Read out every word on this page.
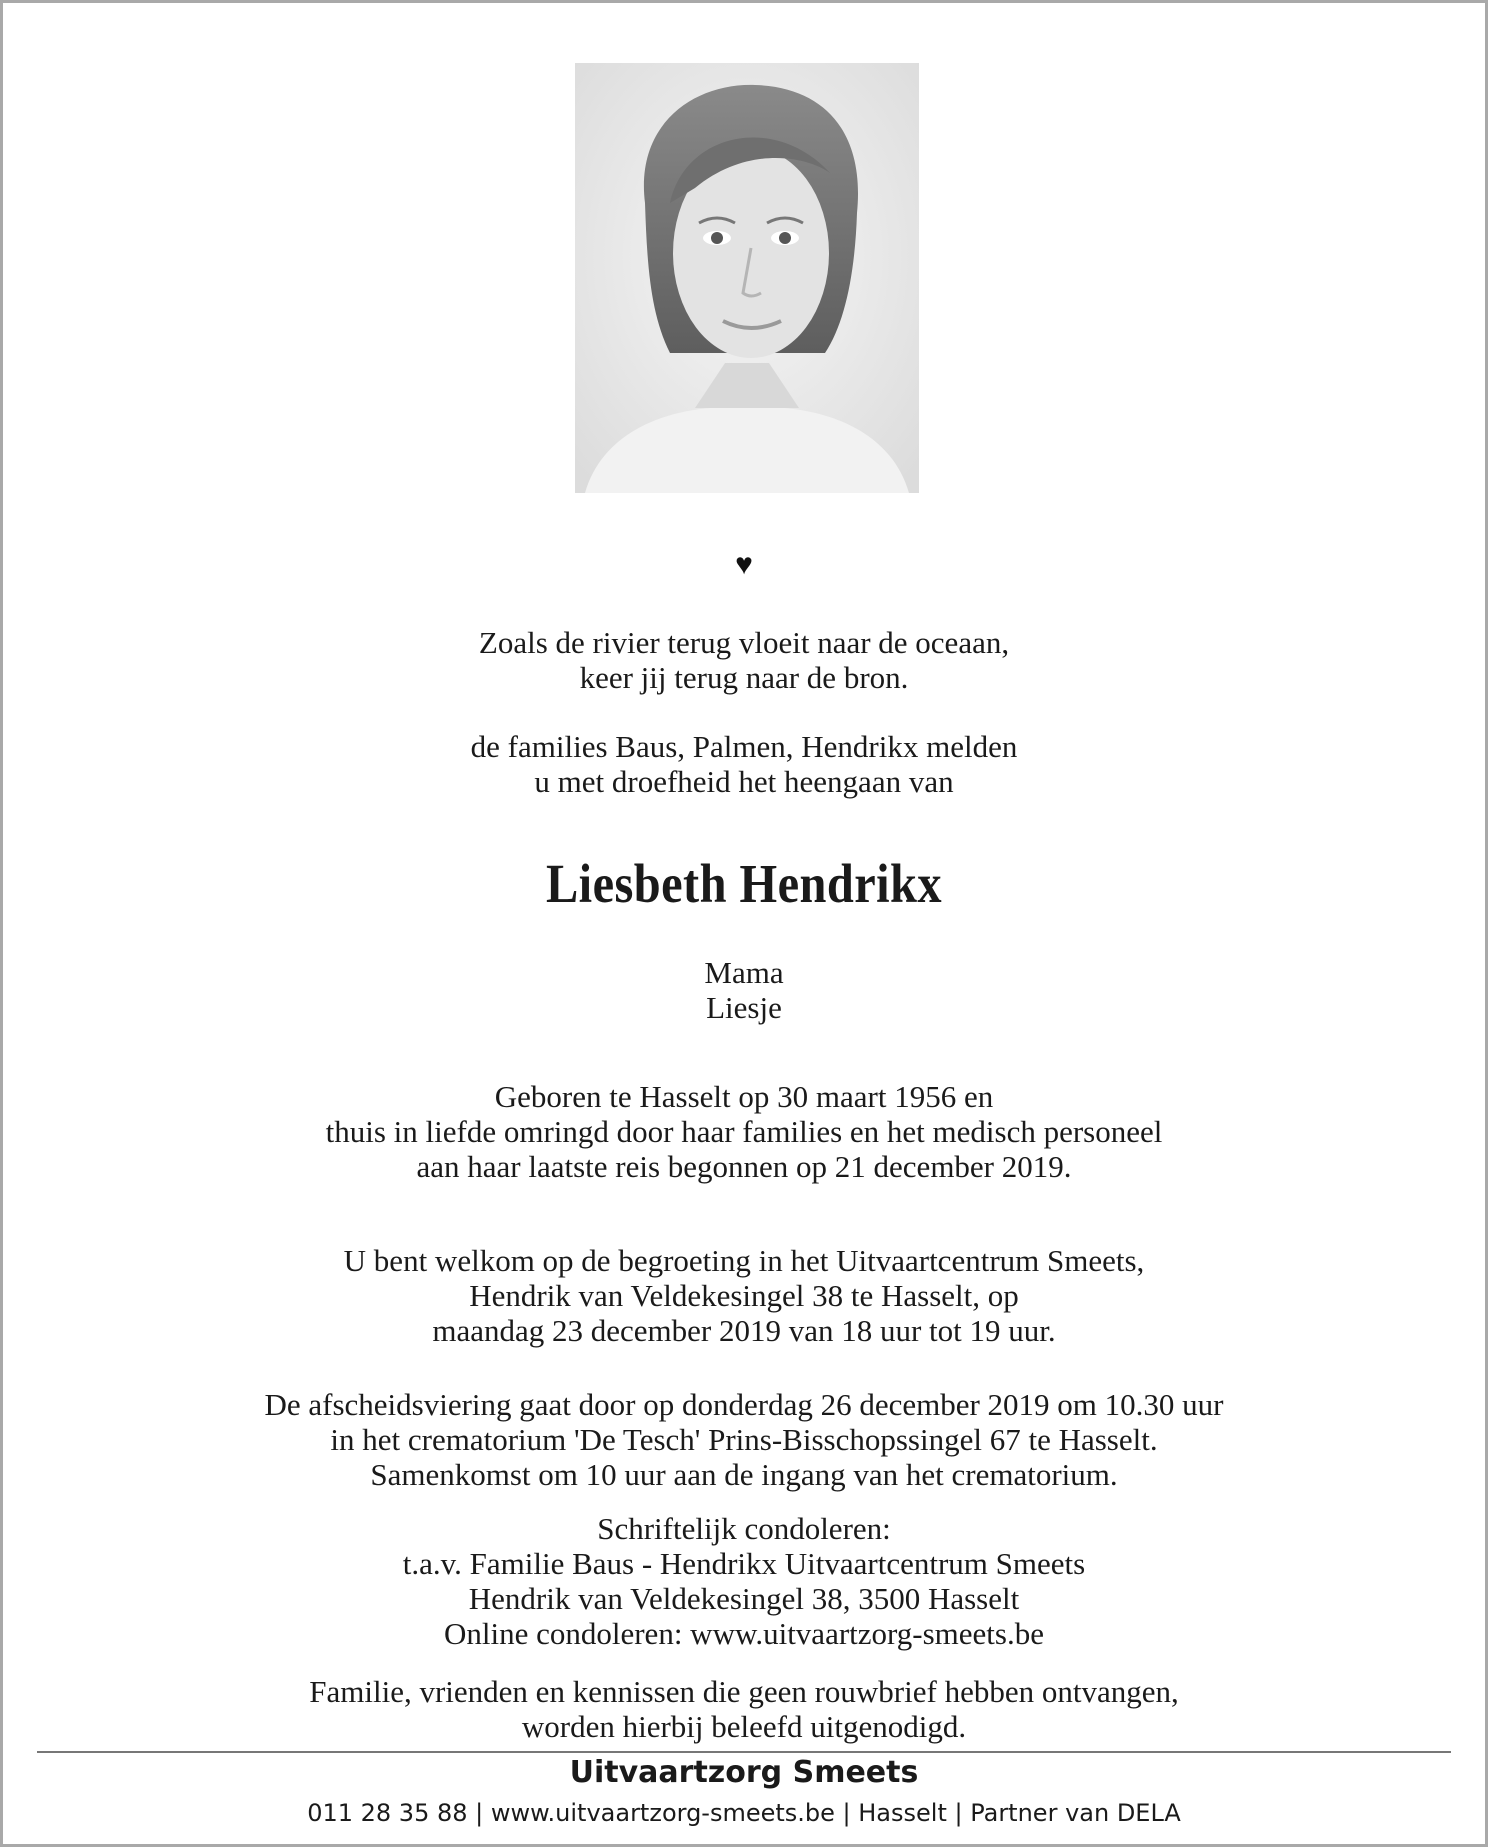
♥
Zoals de rivier terug vloeit naar de oceaan,
keer jij terug naar de bron.
de families Baus, Palmen, Hendrikx melden
u met droefheid het heengaan van
Liesbeth Hendrikx
Mama
Liesje
Geboren te Hasselt op 30 maart 1956 en
thuis in liefde omringd door haar families en het medisch personeel
aan haar laatste reis begonnen op 21 december 2019.
U bent welkom op de begroeting in het Uitvaartcentrum Smeets,
Hendrik van Veldekesingel 38 te Hasselt, op
maandag 23 december 2019 van 18 uur tot 19 uur.
De afscheidsviering gaat door op donderdag 26 december 2019 om 10.30 uur
in het crematorium 'De Tesch' Prins-Bisschopssingel 67 te Hasselt.
Samenkomst om 10 uur aan de ingang van het crematorium.
Schriftelijk condoleren:
t.a.v. Familie Baus - Hendrikx Uitvaartcentrum Smeets
Hendrik van Veldekesingel 38, 3500 Hasselt
Online condoleren: www.uitvaartzorg-smeets.be
Familie, vrienden en kennissen die geen rouwbrief hebben ontvangen,
worden hierbij beleefd uitgenodigd.
Uitvaartzorg Smeets
011 28 35 88 | www.uitvaartzorg-smeets.be | Hasselt | Partner van DELA
